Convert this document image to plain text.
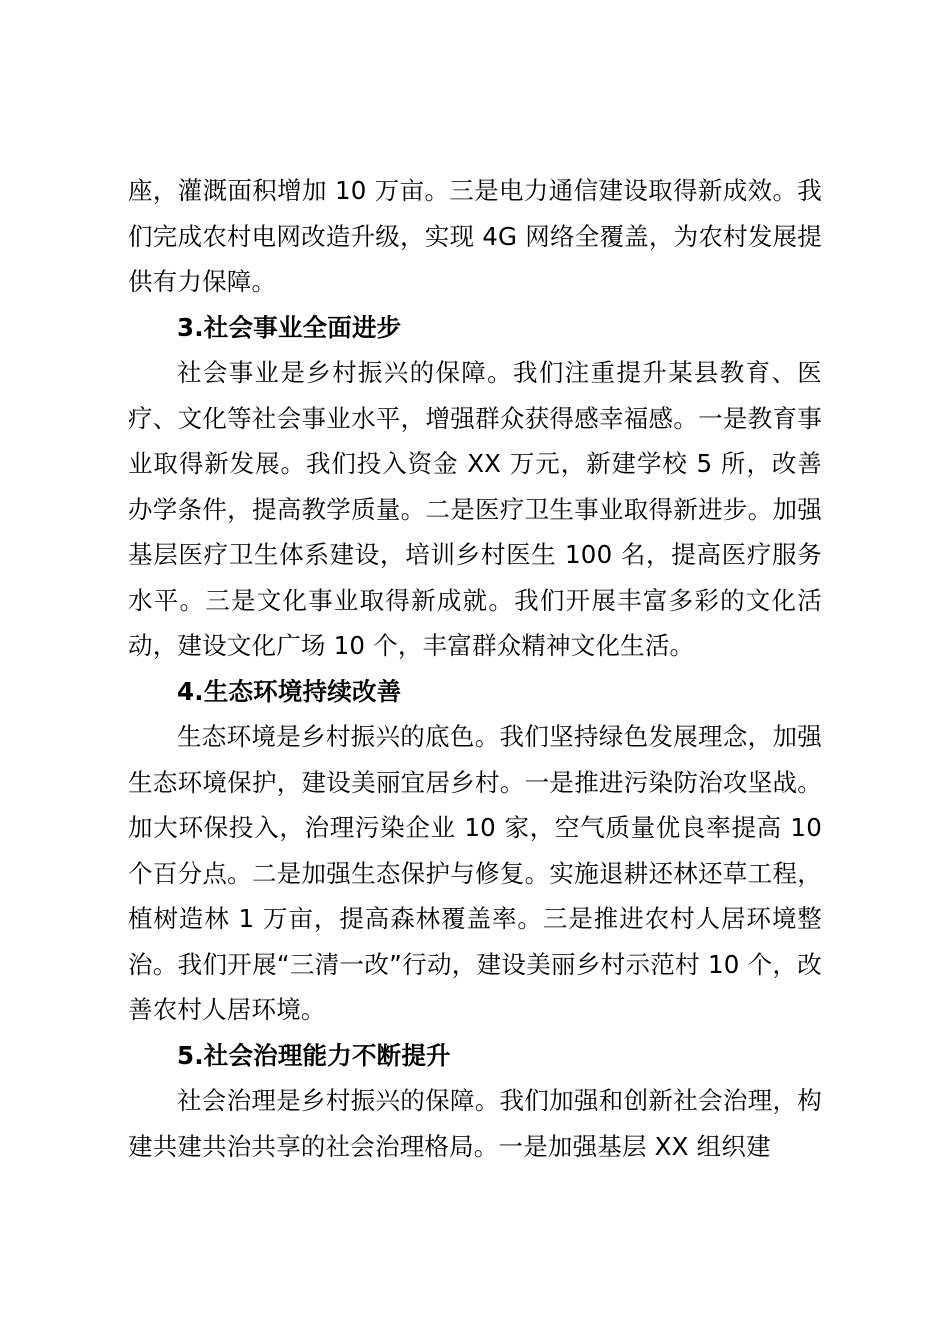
座，灌溉面积增加 10 万亩。三是电力通信建设取得新成效。我们完成农村电网改造升级，实现 4G 网络全覆盖，为农村发展提供有力保障。

3.社会事业全面进步

社会事业是乡村振兴的保障。我们注重提升某县教育、医疗、文化等社会事业水平，增强群众获得感幸福感。一是教育事业取得新发展。我们投入资金 XX 万元，新建学校 5 所，改善办学条件，提高教学质量。二是医疗卫生事业取得新进步。加强基层医疗卫生体系建设，培训乡村医生 100 名，提高医疗服务水平。三是文化事业取得新成就。我们开展丰富多彩的文化活动，建设文化广场 10 个，丰富群众精神文化生活。

4.生态环境持续改善

生态环境是乡村振兴的底色。我们坚持绿色发展理念，加强生态环境保护，建设美丽宜居乡村。一是推进污染防治攻坚战。加大环保投入，治理污染企业 10 家，空气质量优良率提高 10 个百分点。二是加强生态保护与修复。实施退耕还林还草工程，植树造林 1 万亩，提高森林覆盖率。三是推进农村人居环境整治。我们开展“三清一改”行动，建设美丽乡村示范村 10 个，改善农村人居环境。

5.社会治理能力不断提升

社会治理是乡村振兴的保障。我们加强和创新社会治理，构建共建共治共享的社会治理格局。一是加强基层 XX 组织建
